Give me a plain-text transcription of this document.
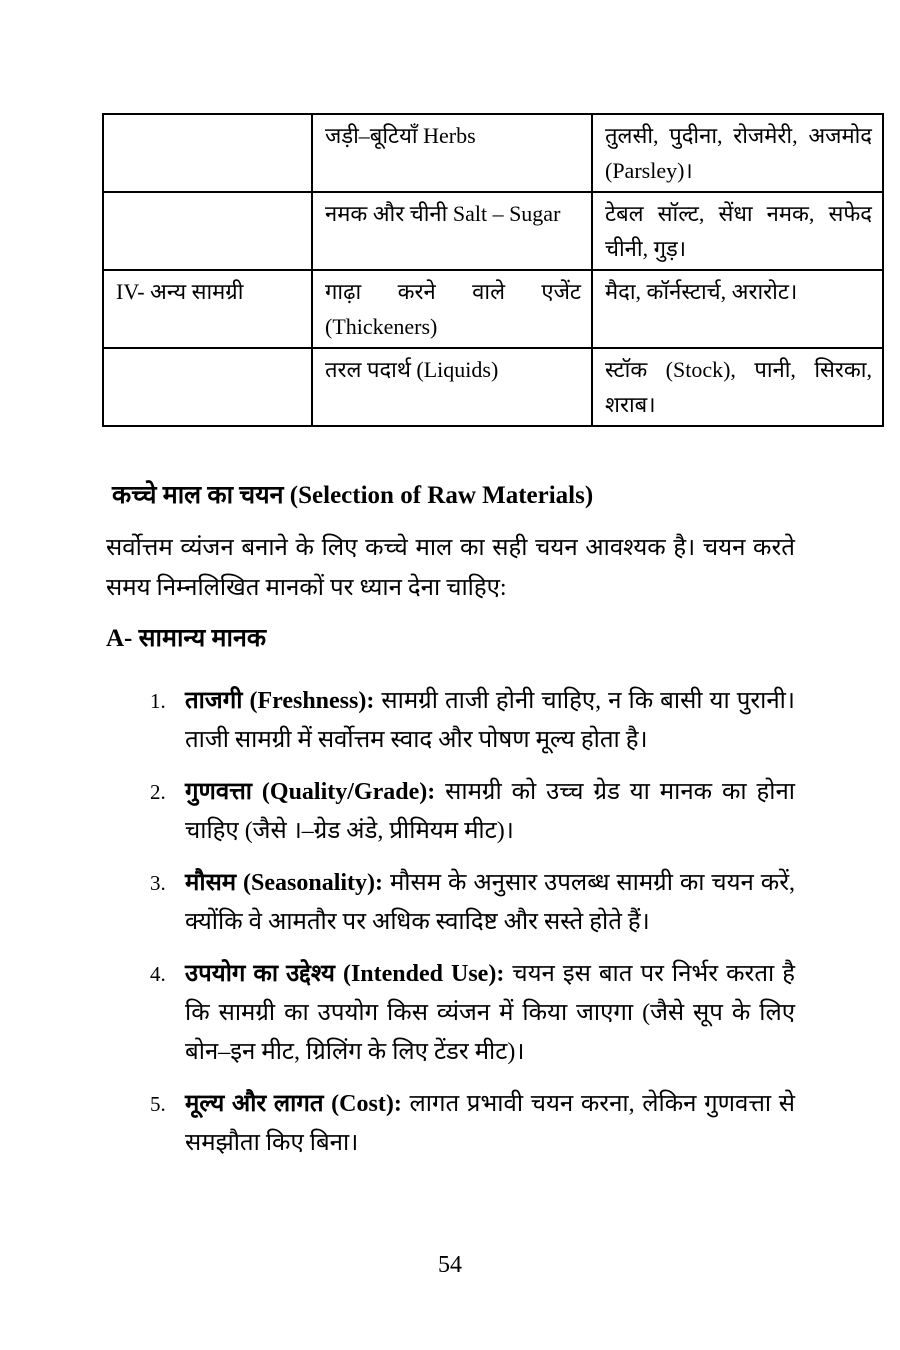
	जड़ी–बूटियाँ Herbs	तुलसी, पुदीना, रोजमेरी, अजमोद (Parsley)।
	नमक और चीनी Salt – Sugar	टेबल सॉल्ट, सेंधा नमक, सफेद चीनी, गुड़।
IV- अन्य सामग्री	गाढ़ा करने वाले एजेंट (Thickeners)	मैदा, कॉर्नस्टार्च, अरारोट।
	तरल पदार्थ (Liquids)	स्टॉक (Stock), पानी, सिरका, शराब।
कच्चे माल का चयन (Selection of Raw Materials)
सर्वोत्तम व्यंजन बनाने के लिए कच्चे माल का सही चयन आवश्यक है। चयन करते समय निम्नलिखित मानकों पर ध्यान देना चाहिए:
A- सामान्य मानक
1. ताजगी (Freshness): सामग्री ताजी होनी चाहिए, न कि बासी या पुरानी। ताजी सामग्री में सर्वोत्तम स्वाद और पोषण मूल्य होता है।
2. गुणवत्ता (Quality/Grade): सामग्री को उच्च ग्रेड या मानक का होना चाहिए (जैसे ।–ग्रेड अंडे, प्रीमियम मीट)।
3. मौसम (Seasonality): मौसम के अनुसार उपलब्ध सामग्री का चयन करें, क्योंकि वे आमतौर पर अधिक स्वादिष्ट और सस्ते होते हैं।
4. उपयोग का उद्देश्य (Intended Use): चयन इस बात पर निर्भर करता है कि सामग्री का उपयोग किस व्यंजन में किया जाएगा (जैसे सूप के लिए बोन–इन मीट, ग्रिलिंग के लिए टेंडर मीट)।
5. मूल्य और लागत (Cost): लागत प्रभावी चयन करना, लेकिन गुणवत्ता से समझौता किए बिना।
54
